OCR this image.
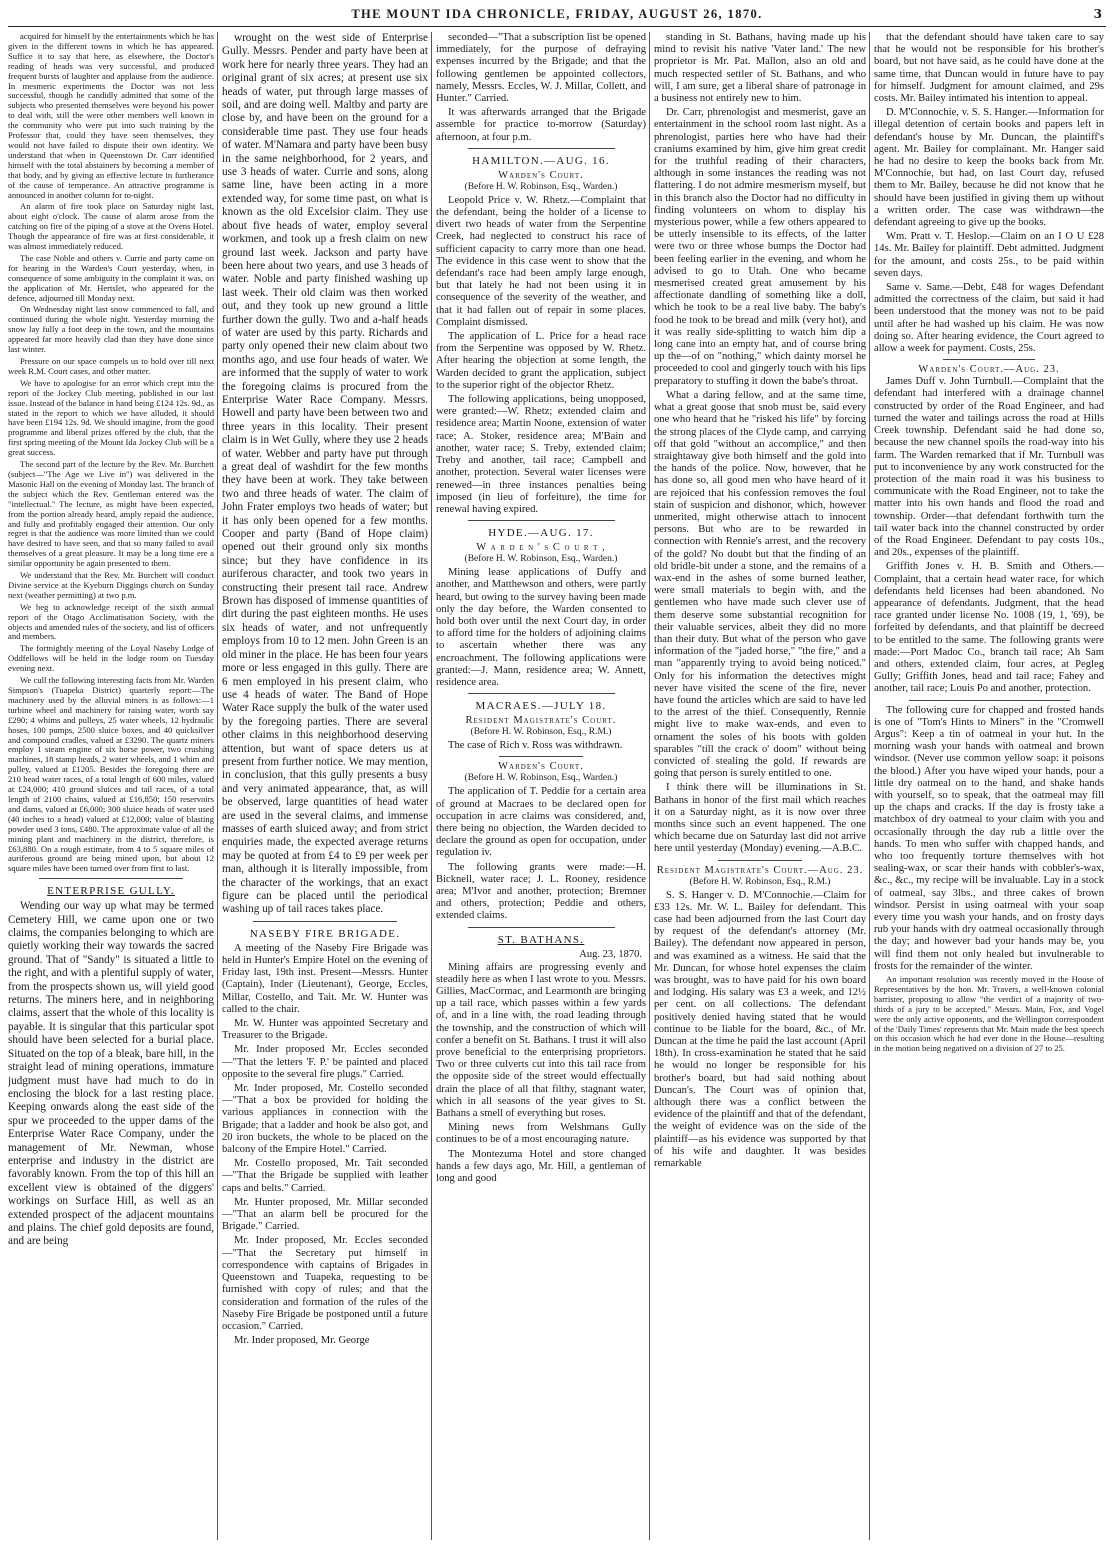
THE MOUNT IDA CHRONICLE, FRIDAY, AUGUST 26, 1870.	3

acquired for himself by the entertainments which he has given in the different towns in which he has appeared. Suffice it to say that here, as elsewhere, the Doctor's reading of heads was very successful, and produced frequent bursts of laughter and applause from the audience. In mesmeric experiments the Doctor was not less successful, though he candidly admitted that some of the subjects who presented themselves were beyond his power to deal with, still the were other members well known in the community who were put into such training by the Professor that, could they have seen themselves, they would not have failed to dispute their own identity. We understand that when in Queenstown Dr. Carr identified himself with the total abstainers by becoming a member of that body, and by giving an effective lecture in furtherance of the cause of temperance. An attractive programme is announced in another column for to-night.

An alarm of fire took place on Saturday night last, about eight o'clock. The cause of alarm arose from the catching on fire of the piping of a stove at the Ovens Hotel. Though the appearance of fire was at first considerable, it was almost immediately reduced.

The case Noble and others v. Currie and party came on for hearing in the Warden's Court yesterday, when, in consequence of some ambiguity in the complaint it was, on the application of Mr. Hertslet, who appeared for the defence, adjourned till Monday next.

On Wednesday night last snow commenced to fall, and continued during the whole night. Yesterday morning the snow lay fully a foot deep in the town, and the mountains appeared far more heavily clad than they have done since last winter.

Pressure on our space compels us to hold over till next week R.M. Court cases, and other matter.

We have to apologise for an error which crept into the report of the Jockey Club meeting, published in our last issue. Instead of the balance in hand being £124 12s. 9d., as stated in the report to which we have alluded, it should have been £194 12s. 9d. We should imagine, from the good programme and liberal prizes offered by the club, that the first spring meeting of the Mount Ida Jockey Club will be a great success.

The second part of the lecture by the Rev. Mr. Burchett (subject—"The Age we Live in") was delivered in the Masonic Hall on the evening of Monday last. The branch of the subject which the Rev. Gentleman entered was the "intellectual." The lecture, as might have been expected, from the portion already heard, amply repaid the audience, and fully and profitably engaged their attention. Our only regret is that the audience was more limited than we could have desired to have seen, and that so many failed to avail themselves of a great pleasure. It may be a long time ere a similar opportunity be again presented to them.

We understand that the Rev. Mr. Burchett will conduct Divine service at the Kyeburn Diggings church on Sunday next (weather permitting) at two p.m.

We beg to acknowledge receipt of the sixth annual report of the Otago Acclimatisation Society, with the objects and amended rules of the society, and list of officers and members.

The fortnightly meeting of the Loyal Naseby Lodge of Oddfellows will be held in the lodge room on Tuesday evening next.

We cull the following interesting facts from Mr. Warden Simpson's (Tuapeka District) quarterly report:—The machinery used by the alluvial miners is as follows:—1 turbine wheel and machinery for raising water, worth say £290; 4 whims and pulleys, 25 water wheels, 12 hydraulic hoses, 100 pumps, 2500 sluice boxes, and 40 quicksilver and compound cradles, valued at £3290. The quartz miners employ 1 steam engine of six horse power, two crushing machines, 18 stamp heads, 2 water wheels, and 1 whim and pulley, valued at £1205. Besides the foregoing there are 210 head water races, of a total length of 600 miles, valued at £24,000; 410 ground sluices and tail races, of a total length of 2100 chains, valued at £16,850; 150 reservoirs and dams, valued at £6,000; 300 sluice heads of water used (40 inches to a head) valued at £12,000; value of blasting powder used 3 tons, £480. The approximate value of all the mining plant and machinery in the district, therefore, is £63,880. On a rough estimate, from 4 to 5 square miles of auriferous ground are being mined upon, but about 12 square miles have been turned over from first to last.

ENTERPRISE GULLY.

Wending our way up what may be termed Cemetery Hill, we came upon one or two claims, the companies belonging to which are quietly working their way towards the sacred ground. That of "Sandy" is situated a little to the right, and with a plentiful supply of water, from the prospects shown us, will yield good returns. The miners here, and in neighboring claims, assert that the whole of this locality is payable. It is singular that this particular spot should have been selected for a burial place. Situated on the top of a bleak, bare hill, in the straight lead of mining operations, immature judgment must have had much to do in enclosing the block for a last resting place. Keeping onwards along the east side of the spur we proceeded to the upper dams of the Enterprise Water Race Company, under the management of Mr. Newman, whose enterprise and industry in the district are favorably known. From the top of this hill an excellent view is obtained of the diggers' workings on Surface Hill, as well as an extended prospect of the adjacent mountains and plains. The chief gold deposits are found, and are being

wrought on the west side of Enterprise Gully. Messrs. Pender and party have been at work here for nearly three years. They had an original grant of six acres; at present use six heads of water, put through large masses of soil, and are doing well. Maltby and party are close by, and have been on the ground for a considerable time past. They use four heads of water. M'Namara and party have been busy in the same neighborhood, for 2 years, and use 3 heads of water. Currie and sons, along same line, have been acting in a more extended way, for some time past, on what is known as the old Excelsior claim. They use about five heads of water, employ several workmen, and took up a fresh claim on new ground last week. Jackson and party have been here about two years, and use 3 heads of water. Noble and party finished washing up last week. Their old claim was then worked out, and they took up new ground a little further down the gully. Two and a-half heads of water are used by this party. Richards and party only opened their new claim about two months ago, and use four heads of water. We are informed that the supply of water to work the foregoing claims is procured from the Enterprise Water Race Company. Messrs. Howell and party have been between two and three years in this locality. Their present claim is in Wet Gully, where they use 2 heads of water. Webber and party have put through a great deal of washdirt for the few months they have been at work. They take between two and three heads of water. The claim of John Frater employs two heads of water; but it has only been opened for a few months. Cooper and party (Band of Hope claim) opened out their ground only six months since; but they have confidence in its auriferous character, and took two years in constructing their present tail race. Andrew Brown has disposed of immense quantities of dirt during the past eighteen months. He uses six heads of water, and not unfrequently employs from 10 to 12 men. John Green is an old miner in the place. He has been four years more or less engaged in this gully. There are 6 men employed in his present claim, who use 4 heads of water. The Band of Hope Water Race supply the bulk of the water used by the foregoing parties. There are several other claims in this neighborhood deserving attention, but want of space deters us at present from further notice. We may mention, in conclusion, that this gully presents a busy and very animated appearance, that, as will be observed, large quantities of head water are used in the several claims, and immense masses of earth sluiced away; and from strict enquiries made, the expected average returns may be quoted at from £4 to £9 per week per man, although it is literally impossible, from the character of the workings, that an exact figure can be placed until the periodical washing up of tail races takes place.

NASEBY FIRE BRIGADE.

A meeting of the Naseby Fire Brigade was held in Hunter's Empire Hotel on the evening of Friday last, 19th inst. Present—Messrs. Hunter (Captain), Inder (Lieutenant), George, Eccles, Millar, Costello, and Tait. Mr. W. Hunter was called to the chair.

Mr. W. Hunter was appointed Secretary and Treasurer to the Brigade.

Mr. Inder proposed Mr. Eccles seconded—"That the letters 'F. P.' be painted and placed opposite to the several fire plugs." Carried.

Mr. Inder proposed, Mr. Costello seconded—"That a box be provided for holding the various appliances in connection with the Brigade; that a ladder and hook be also got, and 20 iron buckets, the whole to be placed on the balcony of the Empire Hotel." Carried.

Mr. Costello proposed, Mr. Tait seconded—"That the Brigade be supplied with leather caps and belts." Carried.

Mr. Hunter proposed, Mr. Millar seconded—"That an alarm bell be procured for the Brigade." Carried.

Mr. Inder proposed, Mr. Eccles seconded—"That the Secretary put himself in correspondence with captains of Brigades in Queenstown and Tuapeka, requesting to be furnished with copy of rules; and that the consideration and formation of the rules of the Naseby Fire Brigade be postponed until a future occasion." Carried.

Mr. Inder proposed, Mr. George

seconded—"That a subscription list be opened immediately, for the purpose of defraying expenses incurred by the Brigade; and that the following gentlemen be appointed collectors, namely, Messrs. Eccles, W. J. Millar, Collett, and Hunter." Carried.

It was afterwards arranged that the Brigade assemble for practice to-morrow (Saturday) afternoon, at four p.m.

HAMILTON.—AUG. 16.
Warden's Court.
(Before H. W. Robinson, Esq., Warden.)

Leopold Price v. W. Rhetz.—Complaint that the defendant, being the holder of a license to divert two heads of water from the Serpentine Creek, had neglected to construct his race of sufficient capacity to carry more than one head. The evidence in this case went to show that the defendant's race had been amply large enough, but that lately he had not been using it in consequence of the severity of the weather, and that it had fallen out of repair in some places. Complaint dismissed.

The application of L. Price for a head race from the Serpentine was opposed by W. Rhetz. After hearing the objection at some length, the Warden decided to grant the application, subject to the superior right of the objector Rhetz.

The following applications, being unopposed, were granted:—W. Rhetz; extended claim and residence area; Martin Noone, extension of water race; A. Stoker, residence area; M'Bain and another, water race; S. Treby, extended claim; Treby and another, tail race; Campbell and another, protection. Several water licenses were renewed—in three instances penalties being imposed (in lieu of forfeiture), the time for renewal having expired.

HYDE.—AUG. 17.
W a r d e n ' s C o u r t ,
(Before H. W. Robinson, Esq., Warden.)

Mining lease applications of Duffy and another, and Matthewson and others, were partly heard, but owing to the survey having been made only the day before, the Warden consented to hold both over until the next Court day, in order to afford time for the holders of adjoining claims to ascertain whether there was any encroachment. The following applications were granted:—J. Mann, residence area; W. Annett, residence area.

MACRAES.—JULY 18.
Resident Magistrate's Court.
(Before H. W. Robinson, Esq., R.M.)

The case of Rich v. Ross was withdrawn.

Warden's Court.
(Before H. W. Robinson, Esq., Warden.)

The application of T. Peddie for a certain area of ground at Macraes to be declared open for occupation in acre claims was considered, and, there being no objection, the Warden decided to declare the ground as open for occupation, under regulation iv.

The following grants were made:—H. Bicknell, water race; J. L. Rooney, residence area; M'Ivor and another, protection; Bremner and others, protection; Peddie and others, extended claims.

ST. BATHANS.
Aug. 23, 1870.

Mining affairs are progressing evenly and steadily here as when I last wrote to you. Messrs. Gillies, MacCormac, and Learmonth are bringing up a tail race, which passes within a few yards of, and in a line with, the road leading through the township, and the construction of which will confer a benefit on St. Bathans. I trust it will also prove beneficial to the enterprising proprietors. Two or three culverts cut into this tail race from the opposite side of the street would effectually drain the place of all that filthy, stagnant water, which in all seasons of the year gives to St. Bathans a smell of everything but roses.

Mining news from Welshmans Gully continues to be of a most encouraging nature.

The Montezuma Hotel and store changed hands a few days ago, Mr. Hill, a gentleman of long and good

standing in St. Bathans, having made up his mind to revisit his native 'Vater land.' The new proprietor is Mr. Pat. Mallon, also an old and much respected settler of St. Bathans, and who will, I am sure, get a liberal share of patronage in a business not entirely new to him.

Dr. Carr, phrenologist and mesmerist, gave an entertainment in the school room last night. As a phrenologist, parties here who have had their craniums examined by him, give him great credit for the truthful reading of their characters, although in some instances the reading was not flattering. I do not admire mesmerism myself, but in this branch also the Doctor had no difficulty in finding volunteers on whom to display his mysterious power, while a few others appeared to be utterly insensible to its effects, of the latter were two or three whose bumps the Doctor had been feeling earlier in the evening, and whom he advised to go to Utah. One who became mesmerised created great amusement by his affectionate dandling of something like a doll, which he took to be a real live baby. The baby's food he took to be bread and milk (very hot), and it was really side-splitting to watch him dip a long cane into an empty hat, and of course bring up the—of on "nothing," which dainty morsel he proceeded to cool and gingerly touch with his lips preparatory to stuffing it down the babe's throat.

What a daring fellow, and at the same time, what a great goose that snob must be, said every one who heard that he "risked his life" by forcing the strong places of the Clyde camp, and carrying off that gold "without an accomplice," and then straightaway give both himself and the gold into the hands of the police. Now, however, that he has done so, all good men who have heard of it are rejoiced that his confession removes the foul stain of suspicion and dishonor, which, however unmerited, might otherwise attach to innocent persons. But who are to be rewarded in connection with Rennie's arrest, and the recovery of the gold? No doubt but that the finding of an old bridle-bit under a stone, and the remains of a wax-end in the ashes of some burned leather, were small materials to begin with, and the gentlemen who have made such clever use of them deserve some substantial recognition for their valuable services, albeit they did no more than their duty. But what of the person who gave information of the "jaded horse," "the fire," and a man "apparently trying to avoid being noticed." Only for his information the detectives might never have visited the scene of the fire, never have found the articles which are said to have led to the arrest of the thief. Consequently, Rennie might live to make wax-ends, and even to ornament the soles of his boots with golden sparables "till the crack o' doom" without being convicted of stealing the gold. If rewards are going that person is surely entitled to one.

I think there will be illuminations in St. Bathans in honor of the first mail which reaches it on a Saturday night, as it is now over three months since such an event happened. The one which became due on Saturday last did not arrive here until yesterday (Monday) evening.—A.B.C.

Resident Magistrate's Court.—Aug. 23.
(Before H. W. Robinson, Esq., R.M.)

S. S. Hanger v. D. M'Connochie.—Claim for £33 12s. Mr. W. L. Bailey for defendant. This case had been adjourned from the last Court day by request of the defendant's attorney (Mr. Bailey). The defendant now appeared in person, and was examined as a witness. He said that the Mr. Duncan, for whose hotel expenses the claim was brought, was to have paid for his own board and lodging. His salary was £3 a week, and 12½ per cent. on all collections. The defendant positively denied having stated that he would continue to be liable for the board, &c., of Mr. Duncan at the time he paid the last account (April 18th). In cross-examination he stated that he said he would no longer be responsible for his brother's board, but had said nothing about Duncan's. The Court was of opinion that, although there was a conflict between the evidence of the plaintiff and that of the defendant, the weight of evidence was on the side of the plaintiff—as his evidence was supported by that of his wife and daughter. It was besides remarkable

that the defendant should have taken care to say that he would not be responsible for his brother's board, but not have said, as he could have done at the same time, that Duncan would in future have to pay for himself. Judgment for amount claimed, and 29s costs. Mr. Bailey intimated his intention to appeal.

D. M'Connochie, v. S. S. Hanger.—Information for illegal detention of certain books and papers left in defendant's house by Mr. Duncan, the plaintiff's agent. Mr. Bailey for complainant. Mr. Hanger said he had no desire to keep the books back from Mr. M'Connochie, but had, on last Court day, refused them to Mr. Bailey, because he did not know that he should have been justified in giving them up without a written order. The case was withdrawn—the defendant agreeing to give up the books.

Wm. Pratt v. T. Heslop.—Claim on an I O U £28 14s. Mr. Bailey for plaintiff. Debt admitted. Judgment for the amount, and costs 25s., to be paid within seven days.

Same v. Same.—Debt, £48 for wages Defendant admitted the correctness of the claim, but said it had been understood that the money was not to be paid until after he had washed up his claim. He was now doing so. After hearing evidence, the Court agreed to allow a week for payment. Costs, 25s.

Warden's Court.—Aug. 23.

James Duff v. John Turnbull.—Complaint that the defendant had interfered with a drainage channel constructed by order of the Road Engineer, and had turned the water and tailings across the road at Hills Creek township. Defendant said he had done so, because the new channel spoils the road-way into his farm. The Warden remarked that if Mr. Turnbull was put to inconvenience by any work constructed for the protection of the main road it was his business to communicate with the Road Engineer, not to take the matter into his own hands and flood the road and township. Order—that defendant forthwith turn the tail water back into the channel constructed by order of the Road Engineer. Defendant to pay costs 10s., and 20s., expenses of the plaintiff.

Griffith Jones v. H. B. Smith and Others.—Complaint, that a certain head water race, for which defendants held licenses had been abandoned. No appearance of defendants. Judgment, that the head race granted under license No. 1008 (19, 1, '69), be forfeited by defendants, and that plaintiff be decreed to be entitled to the same. The following grants were made:—Port Madoc Co., branch tail race; Ah Sam and others, extended claim, four acres, at Pegleg Gully; Griffith Jones, head and tail race; Fahey and another, tail race; Louis Po and another, protection.

The following cure for chapped and frosted hands is one of "Tom's Hints to Miners" in the "Cromwell Argus": Keep a tin of oatmeal in your hut. In the morning wash your hands with oatmeal and brown windsor. (Never use common yellow soap: it poisons the blood.) After you have wiped your hands, pour a little dry oatmeal on to the hand, and shake hands with yourself, so to speak, that the oatmeal may fill up the chaps and cracks. If the day is frosty take a matchbox of dry oatmeal to your claim with you and occasionally through the day rub a little over the hands. To men who suffer with chapped hands, and who too frequently torture themselves with hot sealing-wax, or scar their hands with cobbler's-wax, &c., &c., my recipe will be invaluable. Lay in a stock of oatmeal, say 3lbs., and three cakes of brown windsor. Persist in using oatmeal with your soap every time you wash your hands, and on frosty days rub your hands with dry oatmeal occasionally through the day; and however bad your hands may be, you will find them not only healed but invulnerable to frosts for the remainder of the winter.

An important resolution was recently moved in the House of Representatives by the hon. Mr. Travers, a well-known colonial barrister, proposing to allow "the verdict of a majority of two-thirds of a jury to be accepted." Messrs. Main, Fox, and Vogel were the only active opponents, and the Wellington correspondent of the 'Daily Times' represents that Mr. Main made the best speech on this occasion which he had ever done in the House—resulting in the motion being negatived on a division of 27 to 25.
